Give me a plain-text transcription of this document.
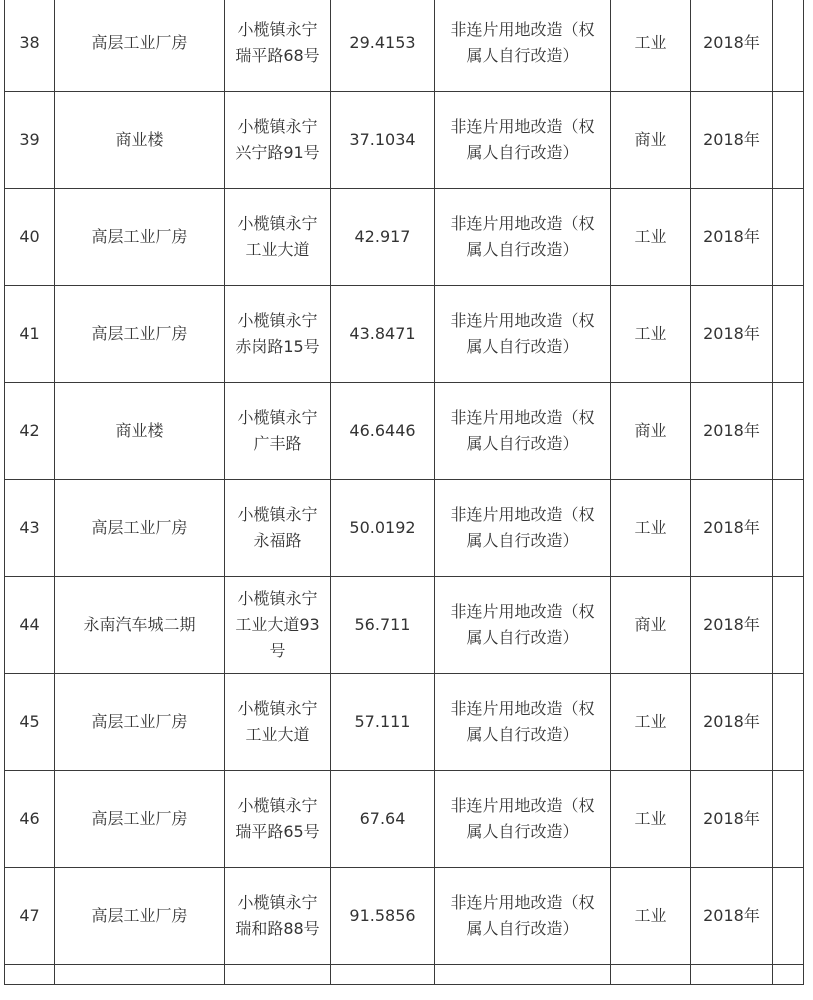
38	高层工业厂房	小榄镇永宁瑞平路68号	29.4153	非连片用地改造（权属人自行改造）	工业	2018年	
39	商业楼	小榄镇永宁兴宁路91号	37.1034	非连片用地改造（权属人自行改造）	商业	2018年	
40	高层工业厂房	小榄镇永宁工业大道	42.917	非连片用地改造（权属人自行改造）	工业	2018年	
41	高层工业厂房	小榄镇永宁赤岗路15号	43.8471	非连片用地改造（权属人自行改造）	工业	2018年	
42	商业楼	小榄镇永宁广丰路	46.6446	非连片用地改造（权属人自行改造）	商业	2018年	
43	高层工业厂房	小榄镇永宁永福路	50.0192	非连片用地改造（权属人自行改造）	工业	2018年	
44	永南汽车城二期	小榄镇永宁工业大道93号	56.711	非连片用地改造（权属人自行改造）	商业	2018年	
45	高层工业厂房	小榄镇永宁工业大道	57.111	非连片用地改造（权属人自行改造）	工业	2018年	
46	高层工业厂房	小榄镇永宁瑞平路65号	67.64	非连片用地改造（权属人自行改造）	工业	2018年	
47	高层工业厂房	小榄镇永宁瑞和路88号	91.5856	非连片用地改造（权属人自行改造）	工业	2018年	
